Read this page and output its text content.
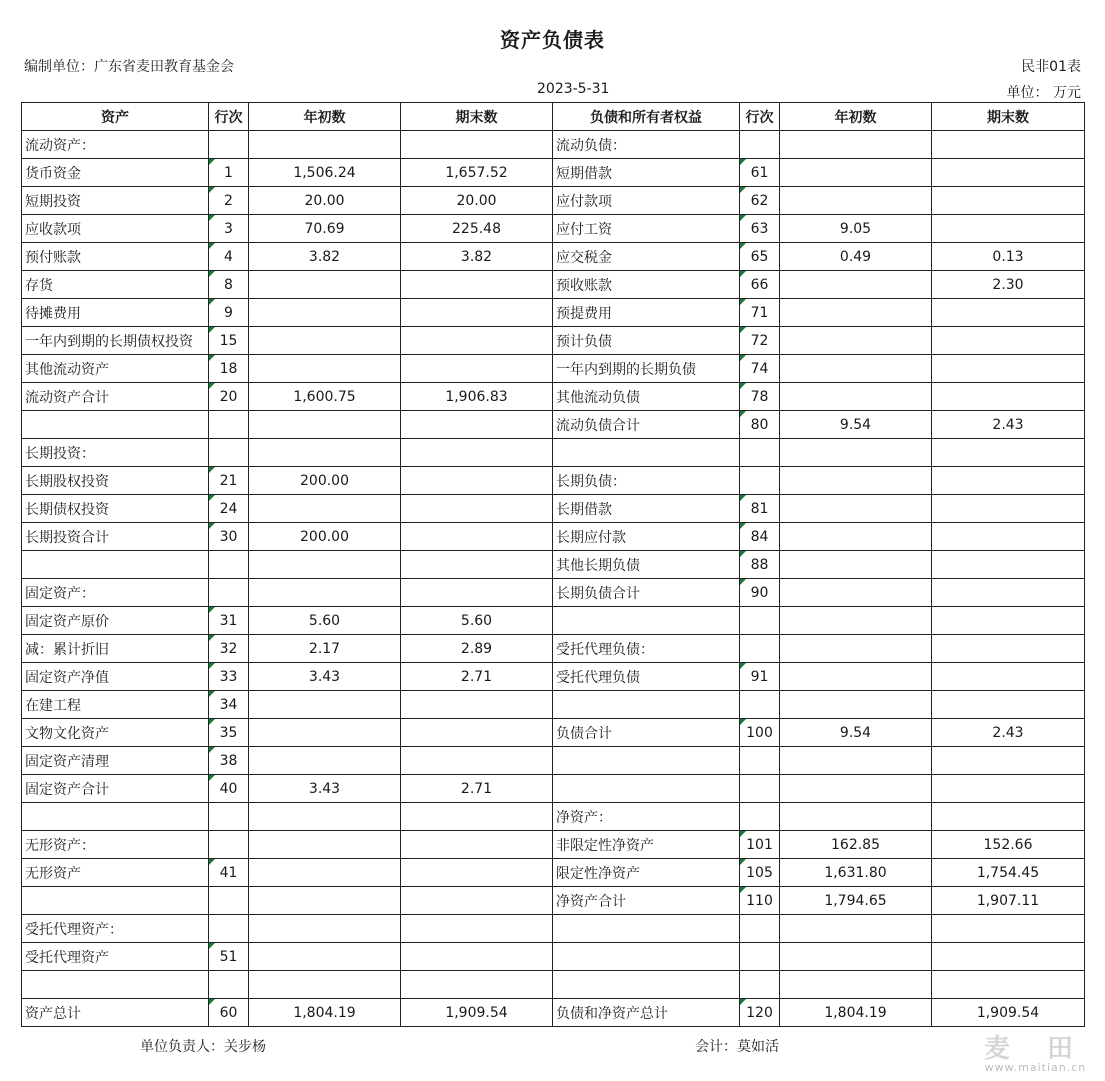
资产负债表
编制单位：广东省麦田教育基金会	民非01表
2023-5-31	单位： 万元
资产	行次	年初数	期末数	负债和所有者权益	行次	年初数	期末数
流动资产：				流动负债：			
货币资金	1	1,506.24	1,657.52	短期借款	61		
短期投资	2	20.00	20.00	应付款项	62		
应收款项	3	70.69	225.48	应付工资	63	9.05	
预付账款	4	3.82	3.82	应交税金	65	0.49	0.13
存货	8			预收账款	66		2.30
待摊费用	9			预提费用	71		
一年内到期的长期债权投资	15			预计负债	72		
其他流动资产	18			一年内到期的长期负债	74		
流动资产合计	20	1,600.75	1,906.83	其他流动负债	78		
				流动负债合计	80	9.54	2.43
长期投资：							
长期股权投资	21	200.00		长期负债：			
长期债权投资	24			长期借款	81		
长期投资合计	30	200.00		长期应付款	84		
				其他长期负债	88		
固定资产：				长期负债合计	90		
固定资产原价	31	5.60	5.60				
减：累计折旧	32	2.17	2.89	受托代理负债：			
固定资产净值	33	3.43	2.71	受托代理负债	91		
在建工程	34						
文物文化资产	35			负债合计	100	9.54	2.43
固定资产清理	38						
固定资产合计	40	3.43	2.71				
				净资产：			
无形资产：				非限定性净资产	101	162.85	152.66
无形资产	41			限定性净资产	105	1,631.80	1,754.45
				净资产合计	110	1,794.65	1,907.11
受托代理资产：							
受托代理资产	51						

资产总计	60	1,804.19	1,909.54	负债和净资产总计	120	1,804.19	1,909.54
单位负责人：关步杨	会计：莫如活	麦 田
www.maitian.cn
